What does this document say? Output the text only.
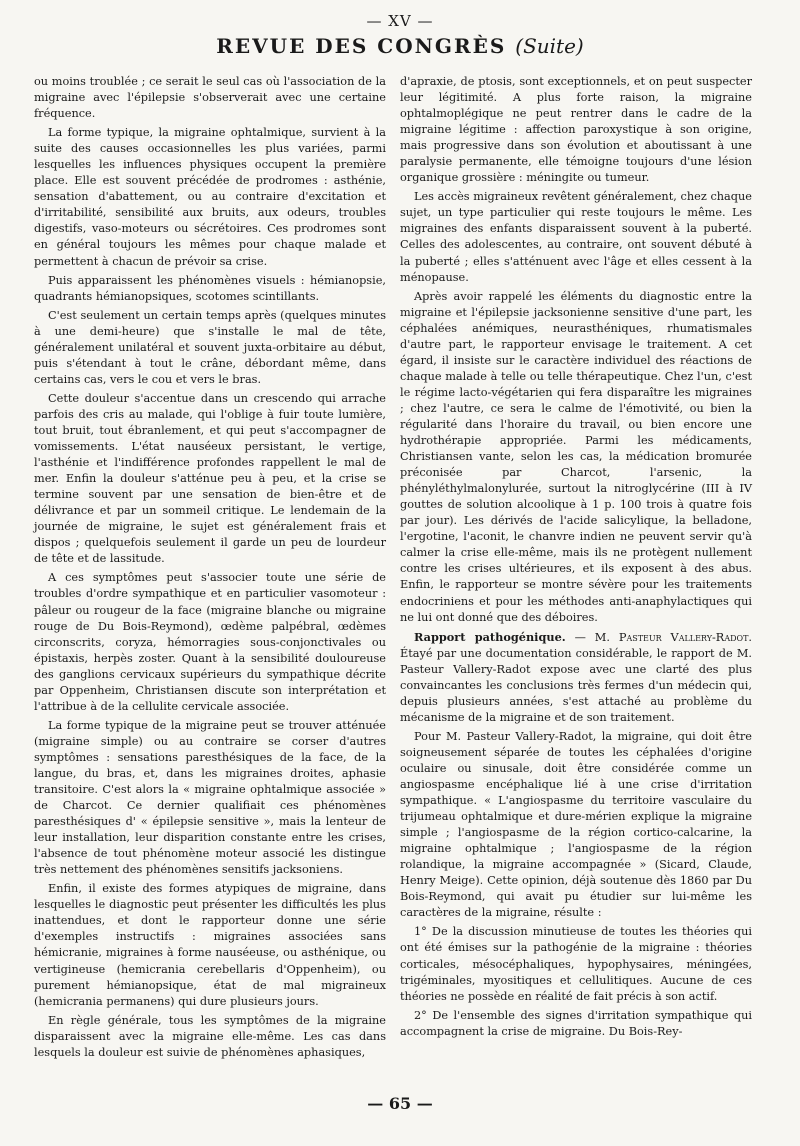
— XV —
REVUE DES CONGRÈS (Suite)

ou moins troublée ; ce serait le seul cas où l'association de la migraine avec l'épilepsie s'observerait avec une certaine fréquence.

La forme typique, la migraine ophtalmique, survient à la suite des causes occasionnelles les plus variées, parmi lesquelles les influences physiques occupent la première place. Elle est souvent précédée de prodromes : asthénie, sensation d'abattement, ou au contraire d'excitation et d'irritabilité, sensibilité aux bruits, aux odeurs, troubles digestifs, vaso-moteurs ou sécrétoires. Ces prodromes sont en général toujours les mêmes pour chaque malade et permettent à chacun de prévoir sa crise.

Puis apparaissent les phénomènes visuels : hémianopsie, quadrants hémianopsiques, scotomes scintillants.

C'est seulement un certain temps après (quelques minutes à une demi-heure) que s'installe le mal de tête, généralement unilatéral et souvent juxta-orbitaire au début, puis s'étendant à tout le crâne, débordant même, dans certains cas, vers le cou et vers le bras.

Cette douleur s'accentue dans un crescendo qui arrache parfois des cris au malade, qui l'oblige à fuir toute lumière, tout bruit, tout ébranlement, et qui peut s'accompagner de vomissements. L'état nauséeux persistant, le vertige, l'asthénie et l'indifférence profondes rappellent le mal de mer. Enfin la douleur s'atténue peu à peu, et la crise se termine souvent par une sensation de bien-être et de délivrance et par un sommeil critique. Le lendemain de la journée de migraine, le sujet est généralement frais et dispos ; quelquefois seulement il garde un peu de lourdeur de tête et de lassitude.

A ces symptômes peut s'associer toute une série de troubles d'ordre sympathique et en particulier vasomoteur : pâleur ou rougeur de la face (migraine blanche ou migraine rouge de Du Bois-Reymond), œdème palpébral, œdèmes circonscrits, coryza, hémorragies sous-conjonctivales ou épistaxis, herpès zoster. Quant à la sensibilité douloureuse des ganglions cervicaux supérieurs du sympathique décrite par Oppenheim, Christiansen discute son interprétation et l'attribue à de la cellulite cervicale associée.

La forme typique de la migraine peut se trouver atténuée (migraine simple) ou au contraire se corser d'autres symptômes : sensations paresthésiques de la face, de la langue, du bras, et, dans les migraines droites, aphasie transitoire. C'est alors la « migraine ophtalmique associée » de Charcot. Ce dernier qualifiait ces phénomènes paresthésiques d' « épilepsie sensitive », mais la lenteur de leur installation, leur disparition constante entre les crises, l'absence de tout phénomène moteur associé les distingue très nettement des phénomènes sensitifs jacksoniens.

Enfin, il existe des formes atypiques de migraine, dans lesquelles le diagnostic peut présenter les difficultés les plus inattendues, et dont le rapporteur donne une série d'exemples instructifs : migraines associées sans hémicranie, migraines à forme nauséeuse, ou asthénique, ou vertigineuse (hemicrania cerebellaris d'Oppenheim), ou purement hémianopsique, état de mal migraineux (hemicrania permanens) qui dure plusieurs jours.

En règle générale, tous les symptômes de la migraine disparaissent avec la migraine elle-même. Les cas dans lesquels la douleur est suivie de phénomènes aphasiques,

d'apraxie, de ptosis, sont exceptionnels, et on peut suspecter leur légitimité. A plus forte raison, la migraine ophtalmoplégique ne peut rentrer dans le cadre de la migraine légitime : affection paroxystique à son origine, mais progressive dans son évolution et aboutissant à une paralysie permanente, elle témoigne toujours d'une lésion organique grossière : méningite ou tumeur.

Les accès migraineux revêtent généralement, chez chaque sujet, un type particulier qui reste toujours le même. Les migraines des enfants disparaissent souvent à la puberté. Celles des adolescentes, au contraire, ont souvent débuté à la puberté ; elles s'atténuent avec l'âge et elles cessent à la ménopause.

Après avoir rappelé les éléments du diagnostic entre la migraine et l'épilepsie jacksonienne sensitive d'une part, les céphalées anémiques, neurasthéniques, rhumatismales d'autre part, le rapporteur envisage le traitement. A cet égard, il insiste sur le caractère individuel des réactions de chaque malade à telle ou telle thérapeutique. Chez l'un, c'est le régime lacto-végétarien qui fera disparaître les migraines ; chez l'autre, ce sera le calme de l'émotivité, ou bien la régularité dans l'horaire du travail, ou bien encore une hydrothérapie appropriée. Parmi les médicaments, Christiansen vante, selon les cas, la médication bromurée préconisée par Charcot, l'arsenic, la phényléthylmalonylurée, surtout la nitroglycérine (III à IV gouttes de solution alcoolique à 1 p. 100 trois à quatre fois par jour). Les dérivés de l'acide salicylique, la belladone, l'ergotine, l'aconit, le chanvre indien ne peuvent servir qu'à calmer la crise elle-même, mais ils ne protègent nullement contre les crises ultérieures, et ils exposent à des abus. Enfin, le rapporteur se montre sévère pour les traitements endocriniens et pour les méthodes anti-anaphylactiques qui ne lui ont donné que des déboires.

Rapport pathogénique. — M. Pasteur Vallery-Radot. Étayé par une documentation considérable, le rapport de M. Pasteur Vallery-Radot expose avec une clarté des plus convaincantes les conclusions très fermes d'un médecin qui, depuis plusieurs années, s'est attaché au problème du mécanisme de la migraine et de son traitement.

Pour M. Pasteur Vallery-Radot, la migraine, qui doit être soigneusement séparée de toutes les céphalées d'origine oculaire ou sinusale, doit être considérée comme un angiospasme encéphalique lié à une crise d'irritation sympathique. « L'angiospasme du territoire vasculaire du trijumeau ophtalmique et dure-mérien explique la migraine simple ; l'angiospasme de la région cortico-calcarine, la migraine ophtalmique ; l'angiospasme de la région rolandique, la migraine accompagnée » (Sicard, Claude, Henry Meige). Cette opinion, déjà soutenue dès 1860 par Du Bois-Reymond, qui avait pu étudier sur lui-même les caractères de la migraine, résulte :

1° De la discussion minutieuse de toutes les théories qui ont été émises sur la pathogénie de la migraine : théories corticales, mésocéphaliques, hypophysaires, méningées, trigéminales, myositiques et cellulitiques. Aucune de ces théories ne possède en réalité de fait précis à son actif.

2° De l'ensemble des signes d'irritation sympathique qui accompagnent la crise de migraine. Du Bois-Rey-

— 65 —
